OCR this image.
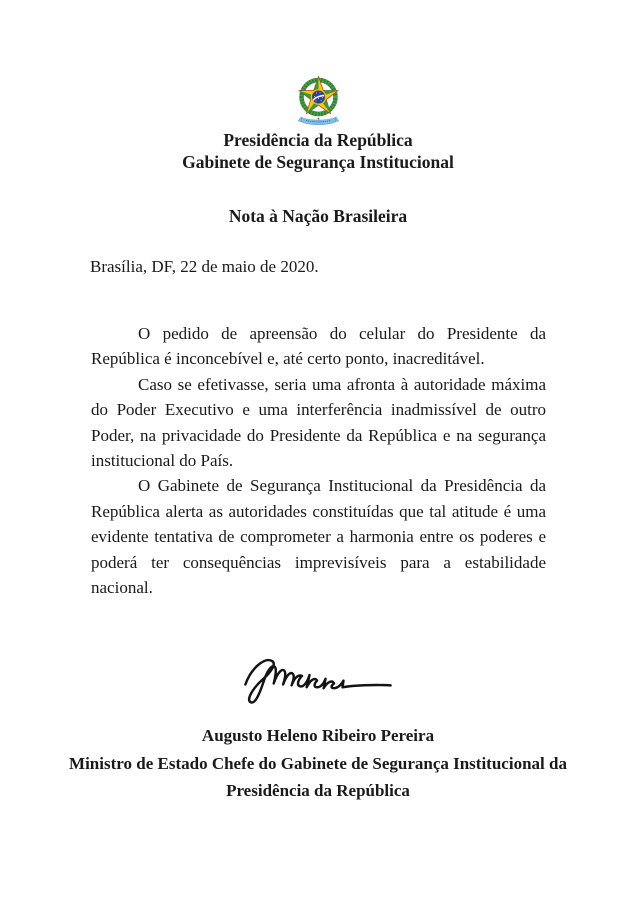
Presidência da República
Gabinete de Segurança Institucional
Nota à Nação Brasileira
Brasília, DF, 22 de maio de 2020.

O pedido de apreensão do celular do Presidente da República é inconcebível e, até certo ponto, inacreditável.

Caso se efetivasse, seria uma afronta à autoridade máxima do Poder Executivo e uma interferência inadmissível de outro Poder, na privacidade do Presidente da República e na segurança institucional do País.

O Gabinete de Segurança Institucional da Presidência da República alerta as autoridades constituídas que tal atitude é uma evidente tentativa de comprometer a harmonia entre os poderes e poderá ter consequências imprevisíveis para a estabilidade nacional.

Augusto Heleno Ribeiro Pereira
Ministro de Estado Chefe do Gabinete de Segurança Institucional da
Presidência da República
